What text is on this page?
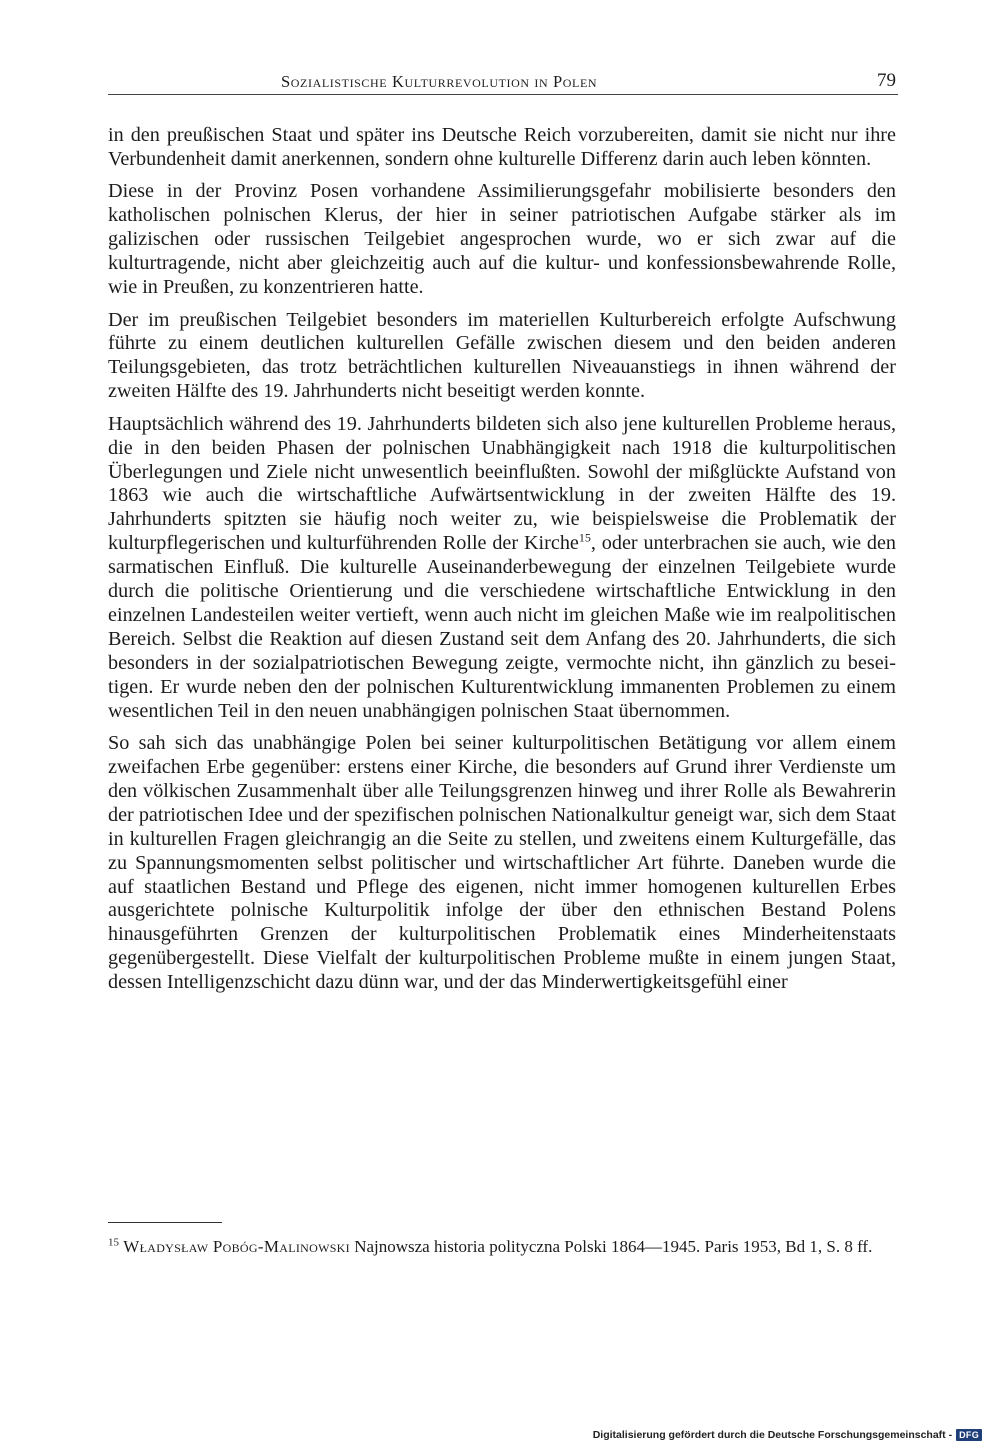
Sozialistische Kulturrevolution in Polen	79

in den preußischen Staat und später ins Deutsche Reich vorzubereiten, damit sie nicht nur ihre Verbundenheit damit anerkennen, sondern ohne kulturelle Differenz darin auch leben könnten.

Diese in der Provinz Posen vorhandene Assimilierungsgefahr mobilisierte besonders den katholischen polnischen Klerus, der hier in seiner patriotischen Aufgabe stärker als im galizischen oder russischen Teilgebiet angesprochen wurde, wo er sich zwar auf die kulturtragende, nicht aber gleichzeitig auch auf die kultur- und konfessionsbewahrende Rolle, wie in Preußen, zu konzentrieren hatte.

Der im preußischen Teilgebiet besonders im materiellen Kulturbereich erfolgte Aufschwung führte zu einem deutlichen kulturellen Gefälle zwischen diesem und den beiden anderen Teilungsgebieten, das trotz beträchtlichen kulturellen Niveauanstiegs in ihnen während der zweiten Hälfte des 19. Jahrhunderts nicht beseitigt werden konnte.

Hauptsächlich während des 19. Jahrhunderts bildeten sich also jene kulturellen Probleme heraus, die in den beiden Phasen der polnischen Unabhängigkeit nach 1918 die kulturpolitischen Überlegungen und Ziele nicht unwesentlich beeinflußten. Sowohl der mißglückte Aufstand von 1863 wie auch die wirtschaftliche Aufwärtsentwicklung in der zweiten Hälfte des 19. Jahrhunderts spitzten sie häufig noch weiter zu, wie beispielsweise die Problematik der kulturpflegerischen und kulturführenden Rolle der Kirche$^{15}$, oder unterbrachen sie auch, wie den sarmatischen Einfluß. Die kulturelle Auseinanderbewegung der einzelnen Teilgebiete wurde durch die politische Orientierung und die verschiedene wirtschaftliche Entwicklung in den einzelnen Landesteilen weiter vertieft, wenn auch nicht im gleichen Maße wie im realpolitischen Bereich. Selbst die Reaktion auf diesen Zustand seit dem Anfang des 20. Jahrhunderts, die sich besonders in der sozialpatriotischen Bewegung zeigte, vermochte nicht, ihn gänzlich zu beseitigen. Er wurde neben den der polnischen Kulturentwicklung immanenten Problemen zu einem wesentlichen Teil in den neuen unabhängigen polnischen Staat übernommen.

So sah sich das unabhängige Polen bei seiner kulturpolitischen Betätigung vor allem einem zweifachen Erbe gegenüber: erstens einer Kirche, die besonders auf Grund ihrer Verdienste um den völkischen Zusammenhalt über alle Teilungsgrenzen hinweg und ihrer Rolle als Bewahrerin der patriotischen Idee und der spezifischen polnischen Nationalkultur geneigt war, sich dem Staat in kulturellen Fragen gleichrangig an die Seite zu stellen, und zweitens einem Kulturgefälle, das zu Spannungsmomenten selbst politischer und wirtschaftlicher Art führte. Daneben wurde die auf staatlichen Bestand und Pflege des eigenen, nicht immer homogenen kulturellen Erbes ausgerichtete polnische Kulturpolitik infolge der über den ethnischen Bestand Polens hinausgeführten Grenzen der kulturpolitischen Problematik eines Minderheitenstaats gegenübergestellt. Diese Vielfalt der kulturpolitischen Probleme mußte in einem jungen Staat, dessen Intelligenzschicht dazu dünn war, und der das Minderwertigkeitsgefühl einer

$^{15}$ Władysław Pobóg-Malinowski Najnowsza historia polityczna Polski 1864—1945. Paris 1953, Bd 1, S. 8 ff.
Digitalisierung gefördert durch die Deutsche Forschungsgemeinschaft - DFG
